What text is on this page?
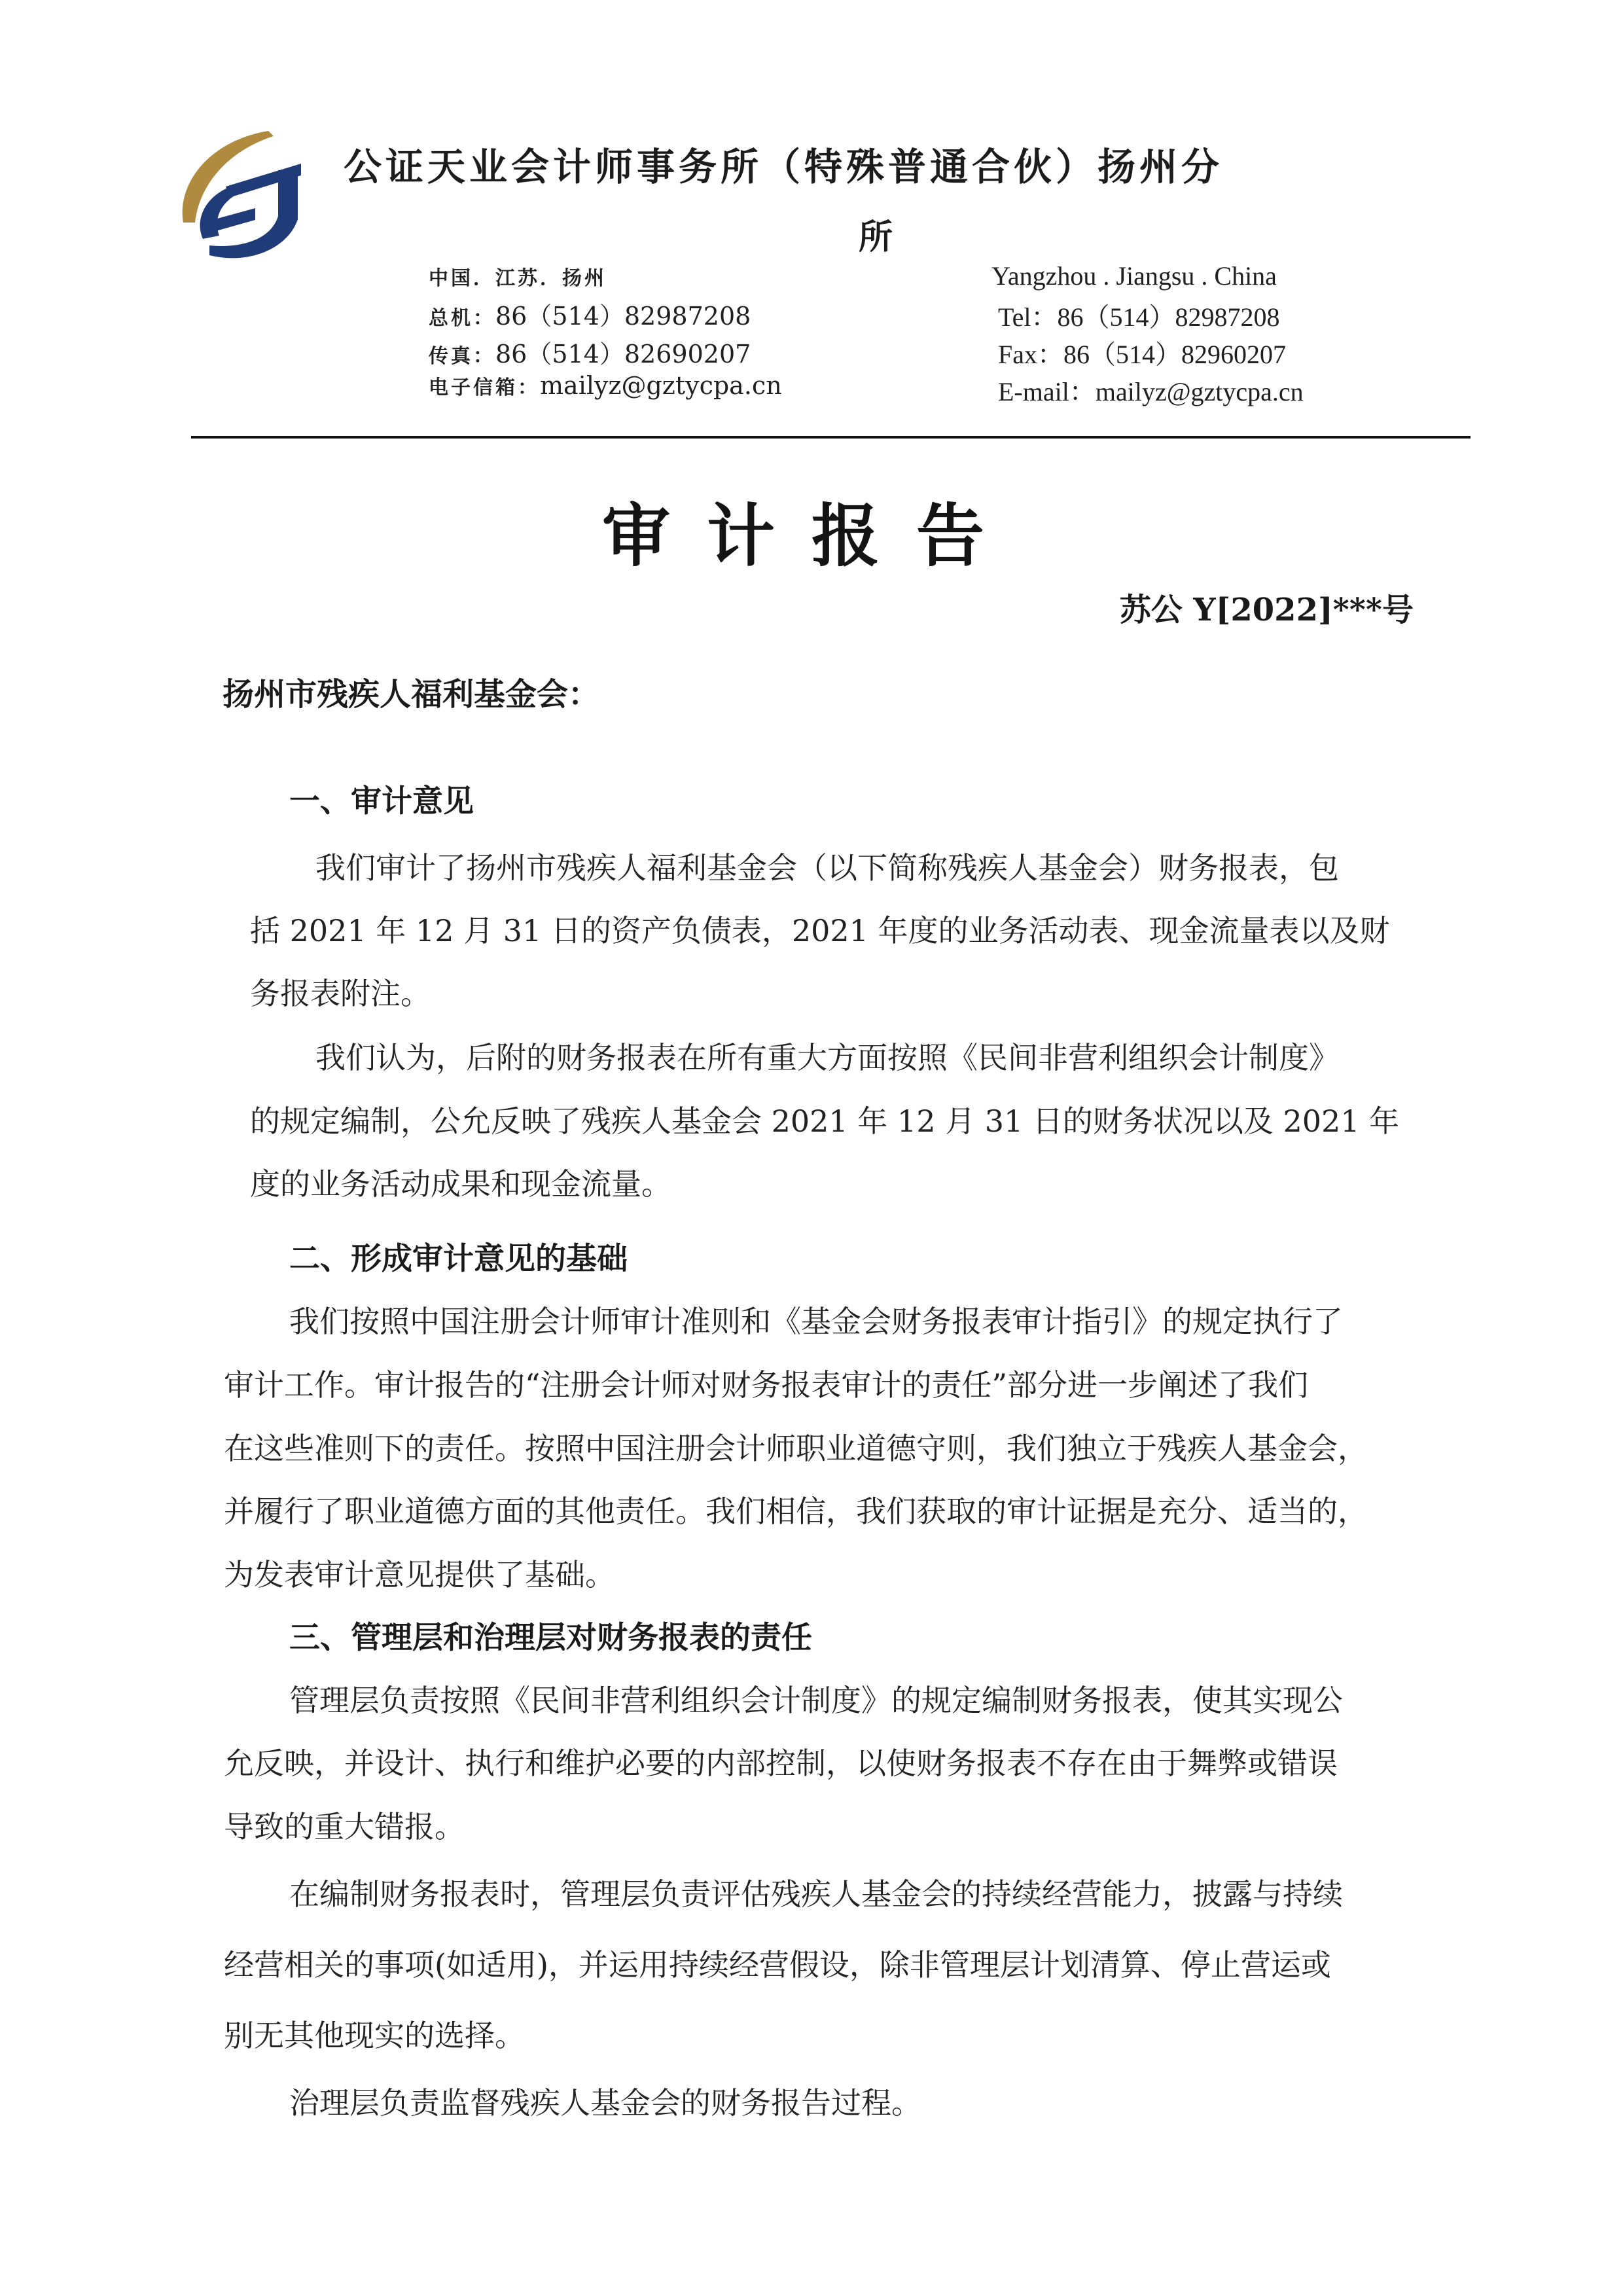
公证天业会计师事务所（特殊普通合伙）扬州分
所
中国．江苏．扬州
总机：86（514）82987208
传真：86（514）82690207
电子信箱：mailyz@gztycpa.cn
Yangzhou . Jiangsu . China
Tel：86（514）82987208
Fax：86（514）82960207
E-mail：mailyz@gztycpa.cn
审计报告
苏公 Y[2022]***号
扬州市残疾人福利基金会：
一、审计意见
我们审计了扬州市残疾人福利基金会（以下简称残疾人基金会）财务报表，包
括 2021 年 12 月 31 日的资产负债表，2021 年度的业务活动表、现金流量表以及财
务报表附注。
我们认为，后附的财务报表在所有重大方面按照《民间非营利组织会计制度》
的规定编制，公允反映了残疾人基金会 2021 年 12 月 31 日的财务状况以及 2021 年
度的业务活动成果和现金流量。
二、形成审计意见的基础
我们按照中国注册会计师审计准则和《基金会财务报表审计指引》的规定执行了
审计工作。审计报告的“注册会计师对财务报表审计的责任”部分进一步阐述了我们
在这些准则下的责任。按照中国注册会计师职业道德守则，我们独立于残疾人基金会，
并履行了职业道德方面的其他责任。我们相信，我们获取的审计证据是充分、适当的，
为发表审计意见提供了基础。
三、管理层和治理层对财务报表的责任
管理层负责按照《民间非营利组织会计制度》的规定编制财务报表，使其实现公
允反映，并设计、执行和维护必要的内部控制，以使财务报表不存在由于舞弊或错误
导致的重大错报。
在编制财务报表时，管理层负责评估残疾人基金会的持续经营能力，披露与持续
经营相关的事项(如适用)，并运用持续经营假设，除非管理层计划清算、停止营运或
别无其他现实的选择。
治理层负责监督残疾人基金会的财务报告过程。
